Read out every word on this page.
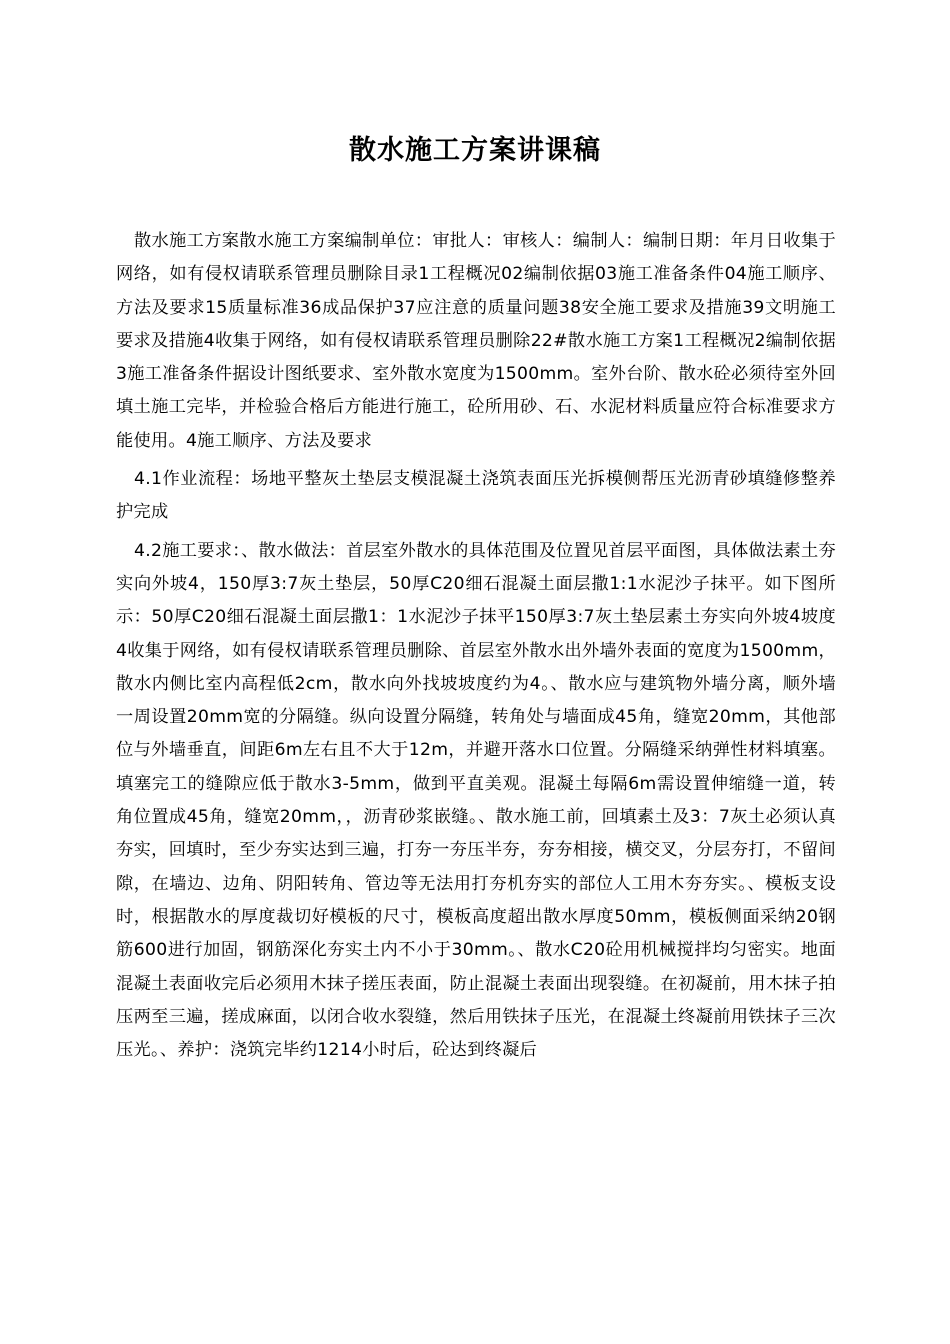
散水施工方案讲课稿

散水施工方案散水施工方案编制单位：审批人：审核人：编制人：编制日期：年月日收集于网络，如有侵权请联系管理员删除目录1工程概况02编制依据03施工准备条件04施工顺序、方法及要求15质量标准36成品保护37应注意的质量问题38安全施工要求及措施39文明施工要求及措施4收集于网络，如有侵权请联系管理员删除22#散水施工方案1工程概况2编制依据3施工准备条件据设计图纸要求、室外散水宽度为1500mm。室外台阶、散水砼必须待室外回填土施工完毕，并检验合格后方能进行施工，砼所用砂、石、水泥材料质量应符合标准要求方能使用。4施工顺序、方法及要求

4.1作业流程：场地平整灰土垫层支模混凝土浇筑表面压光拆模侧帮压光沥青砂填缝修整养护完成

4.2施工要求：、散水做法：首层室外散水的具体范围及位置见首层平面图，具体做法素土夯实向外坡4，150厚3:7灰土垫层，50厚C20细石混凝土面层撒1:1水泥沙子抹平。如下图所示：50厚C20细石混凝土面层撒1：1水泥沙子抹平150厚3:7灰土垫层素土夯实向外坡4坡度4收集于网络，如有侵权请联系管理员删除、首层室外散水出外墙外表面的宽度为1500mm，散水内侧比室内高程低2cm，散水向外找坡坡度约为4。、散水应与建筑物外墙分离，顺外墙一周设置20mm宽的分隔缝。纵向设置分隔缝，转角处与墙面成45角，缝宽20mm，其他部位与外墙垂直，间距6m左右且不大于12m，并避开落水口位置。分隔缝采纳弹性材料填塞。填塞完工的缝隙应低于散水3-5mm，做到平直美观。混凝土每隔6m需设置伸缩缝一道，转角位置成45角，缝宽20mm，，沥青砂浆嵌缝。、散水施工前，回填素土及3：7灰土必须认真夯实，回填时，至少夯实达到三遍，打夯一夯压半夯，夯夯相接，横交叉，分层夯打，不留间隙，在墙边、边角、阴阳转角、管边等无法用打夯机夯实的部位人工用木夯夯实。、模板支设时，根据散水的厚度裁切好模板的尺寸，模板高度超出散水厚度50mm，模板侧面采纳20钢筋600进行加固，钢筋深化夯实土内不小于30mm。、散水C20砼用机械搅拌均匀密实。地面混凝土表面收完后必须用木抹子搓压表面，防止混凝土表面出现裂缝。在初凝前，用木抹子拍压两至三遍，搓成麻面，以闭合收水裂缝，然后用铁抹子压光，在混凝土终凝前用铁抹子三次压光。、养护：浇筑完毕约1214小时后，砼达到终凝后
